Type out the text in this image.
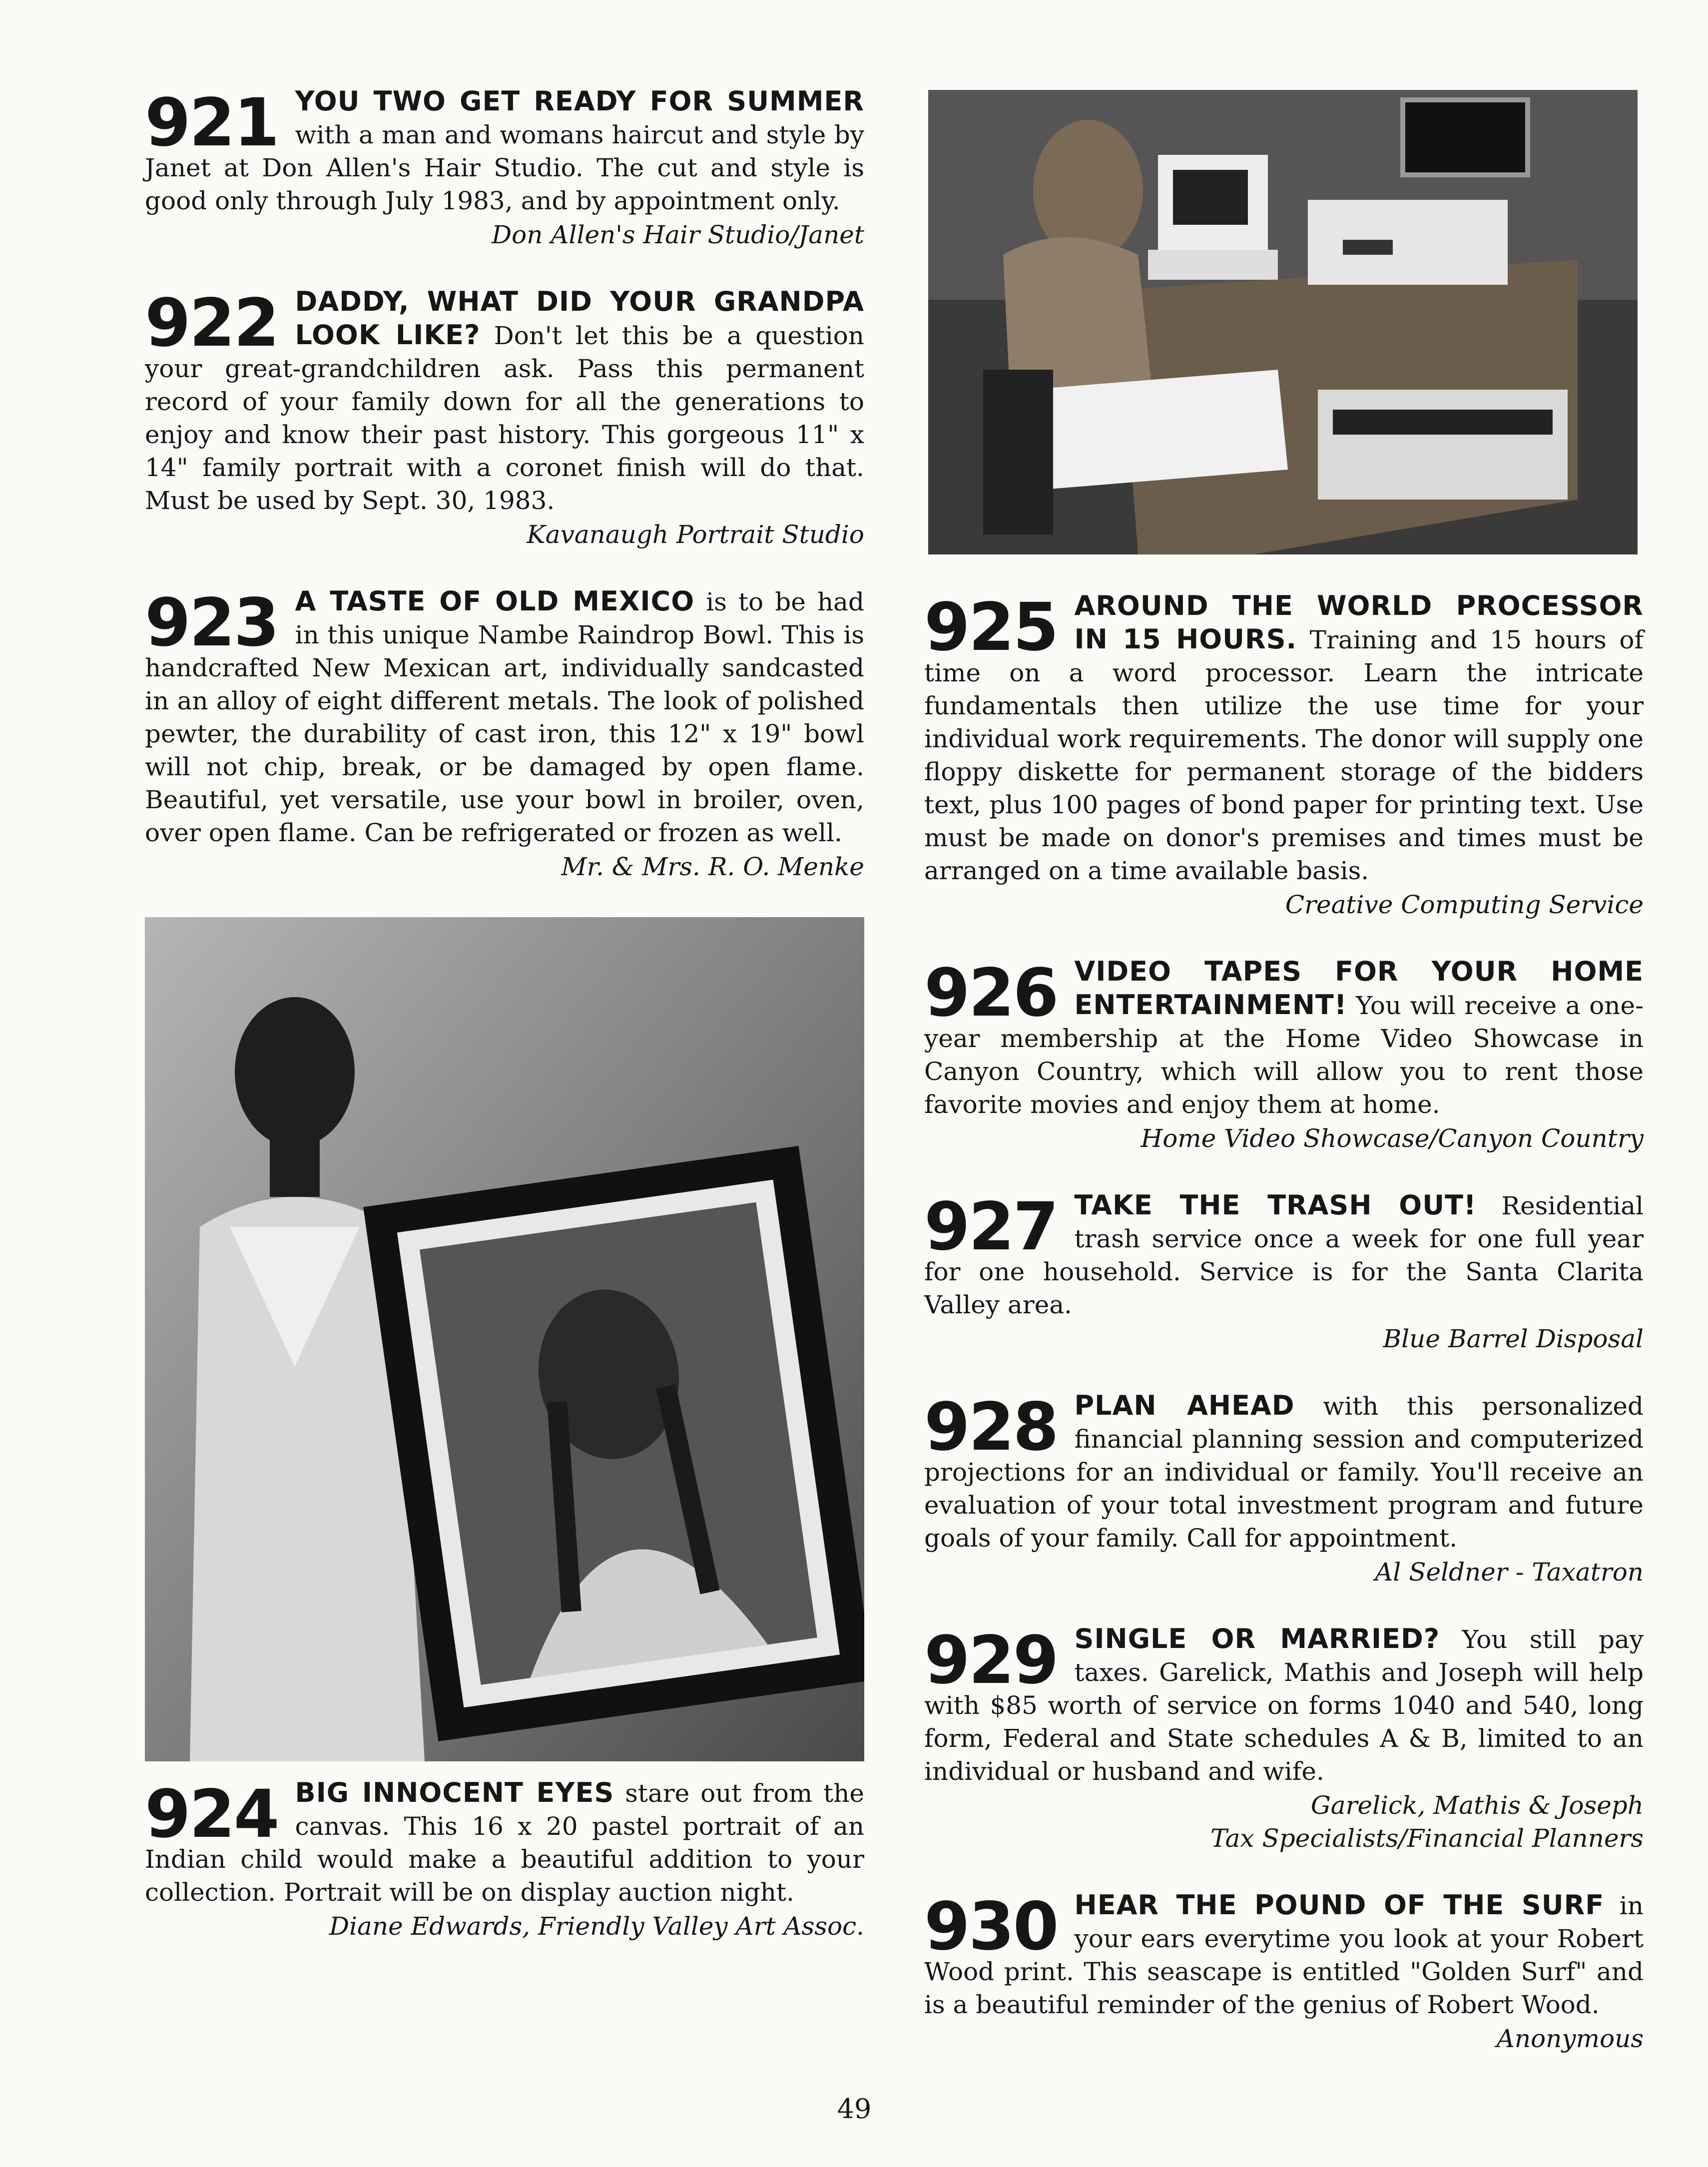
921 YOU TWO GET READY FOR SUMMER with a man and womans haircut and style by Janet at Don Allen's Hair Studio. The cut and style is good only through July 1983, and by appointment only.

Don Allen's Hair Studio/Janet
922 DADDY, WHAT DID YOUR GRANDPA LOOK LIKE? Don't let this be a question your great-grandchildren ask. Pass this permanent record of your family down for all the generations to enjoy and know their past history. This gorgeous 11" x 14" family portrait with a coronet finish will do that. Must be used by Sept. 30, 1983.

Kavanaugh Portrait Studio
923 A TASTE OF OLD MEXICO is to be had in this unique Nambe Raindrop Bowl. This is handcrafted New Mexican art, individually sandcasted in an alloy of eight different metals. The look of polished pewter, the durability of cast iron, this 12" x 19" bowl will not chip, break, or be damaged by open flame. Beautiful, yet versatile, use your bowl in broiler, oven, over open flame. Can be refrigerated or frozen as well.

Mr. & Mrs. R. O. Menke
924 BIG INNOCENT EYES stare out from the canvas. This 16 x 20 pastel portrait of an Indian child would make a beautiful addition to your collection. Portrait will be on display auction night.

Diane Edwards, Friendly Valley Art Assoc.
925 AROUND THE WORLD PROCESSOR IN 15 HOURS. Training and 15 hours of time on a word processor. Learn the intricate fundamentals then utilize the use time for your individual work requirements. The donor will supply one floppy diskette for permanent storage of the bidders text, plus 100 pages of bond paper for printing text. Use must be made on donor's premises and times must be arranged on a time available basis.

Creative Computing Service
926 VIDEO TAPES FOR YOUR HOME ENTERTAINMENT! You will receive a one-year membership at the Home Video Showcase in Canyon Country, which will allow you to rent those favorite movies and enjoy them at home.

Home Video Showcase/Canyon Country
927 TAKE THE TRASH OUT! Residential trash service once a week for one full year for one household. Service is for the Santa Clarita Valley area.

Blue Barrel Disposal
928 PLAN AHEAD with this personalized financial planning session and computerized projections for an individual or family. You'll receive an evaluation of your total investment program and future goals of your family. Call for appointment.

Al Seldner - Taxatron
929 SINGLE OR MARRIED? You still pay taxes. Garelick, Mathis and Joseph will help with $85 worth of service on forms 1040 and 540, long form, Federal and State schedules A & B, limited to an individual or husband and wife.

Garelick, Mathis & Joseph
Tax Specialists/Financial Planners
930 HEAR THE POUND OF THE SURF in your ears everytime you look at your Robert Wood print. This seascape is entitled "Golden Surf" and is a beautiful reminder of the genius of Robert Wood.

Anonymous
49
